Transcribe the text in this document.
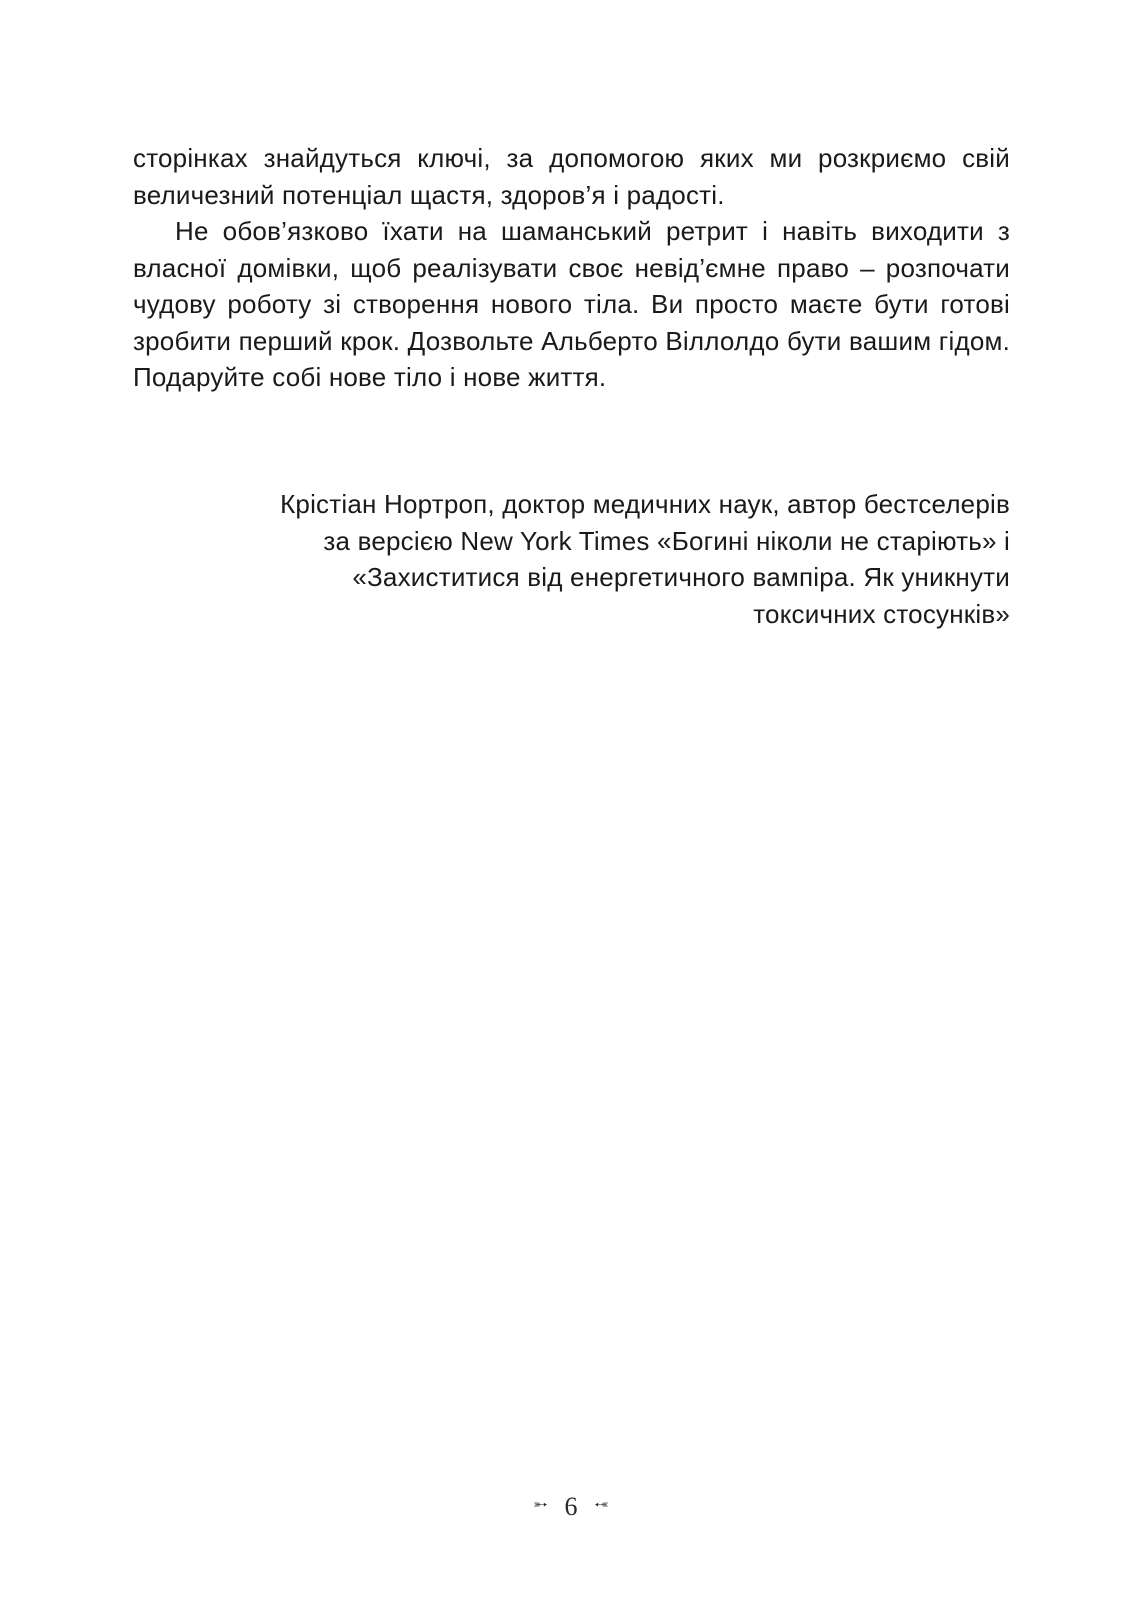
сторінках знайдуться ключі, за допомогою яких ми розкриємо свій величезний потенціал щастя, здоров’я і радості.

Не обов’язково їхати на шаманський ретрит і навіть виходити з власної домівки, щоб реалізувати своє невід’ємне право – розпочати чудову роботу зі створення нового тіла. Ви просто маєте бути готові зробити перший крок. Дозвольте Альберто Віллолдо бути вашим гідом. Подаруйте собі нове тіло і нове життя.

Крістіан Нортроп, доктор медичних наук, автор бестселерів
за версією New York Times «Богині ніколи не старіють» і
«Захиститися від енергетичного вампіра. Як уникнути
токсичних стосунків»
➳ 6 ➳
